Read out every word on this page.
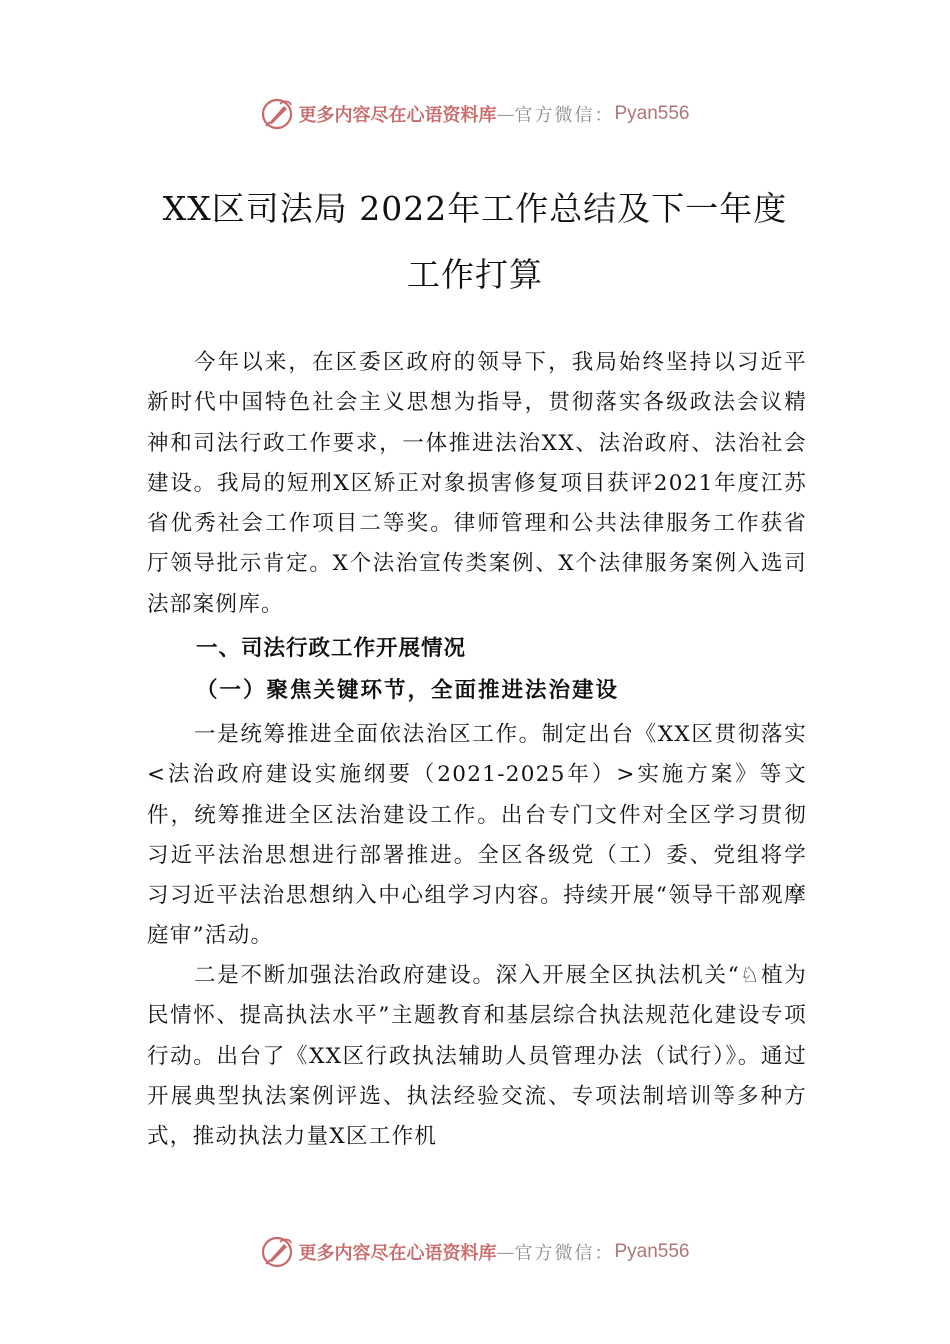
更多内容尽在心语资料库 — 官方微信： Pyan556
XX区司法局 2022年工作总结及下一年度
工作打算
今年以来，在区委区政府的领导下，我局始终坚持以习近平新时代中国特色社会主义思想为指导，贯彻落实各级政法会议精神和司法行政工作要求，一体推进法治XX、法治政府、法治社会建设。我局的短刑X区矫正对象损害修复项目获评2021年度江苏省优秀社会工作项目二等奖。律师管理和公共法律服务工作获省厅领导批示肯定。X个法治宣传类案例、X个法律服务案例入选司法部案例库。
一、司法行政工作开展情况
（一）聚焦关键环节，全面推进法治建设
一是统筹推进全面依法治区工作。制定出台《XX区贯彻落实<法治政府建设实施纲要（2021-2025年）>实施方案》等文件，统筹推进全区法治建设工作。出台专门文件对全区学习贯彻习近平法治思想进行部署推进。全区各级党（工）委、党组将学习习近平法治思想纳入中心组学习内容。持续开展“领导干部观摩庭审”活动。
二是不断加强法治政府建设。深入开展全区执法机关“♘植为民情怀、提高执法水平”主题教育和基层综合执法规范化建设专项行动。出台了《XX区行政执法辅助人员管理办法（试行）》。通过开展典型执法案例评选、执法经验交流、专项法制培训等多种方式，推动执法力量X区工作机
更多内容尽在心语资料库 — 官方微信： Pyan556
